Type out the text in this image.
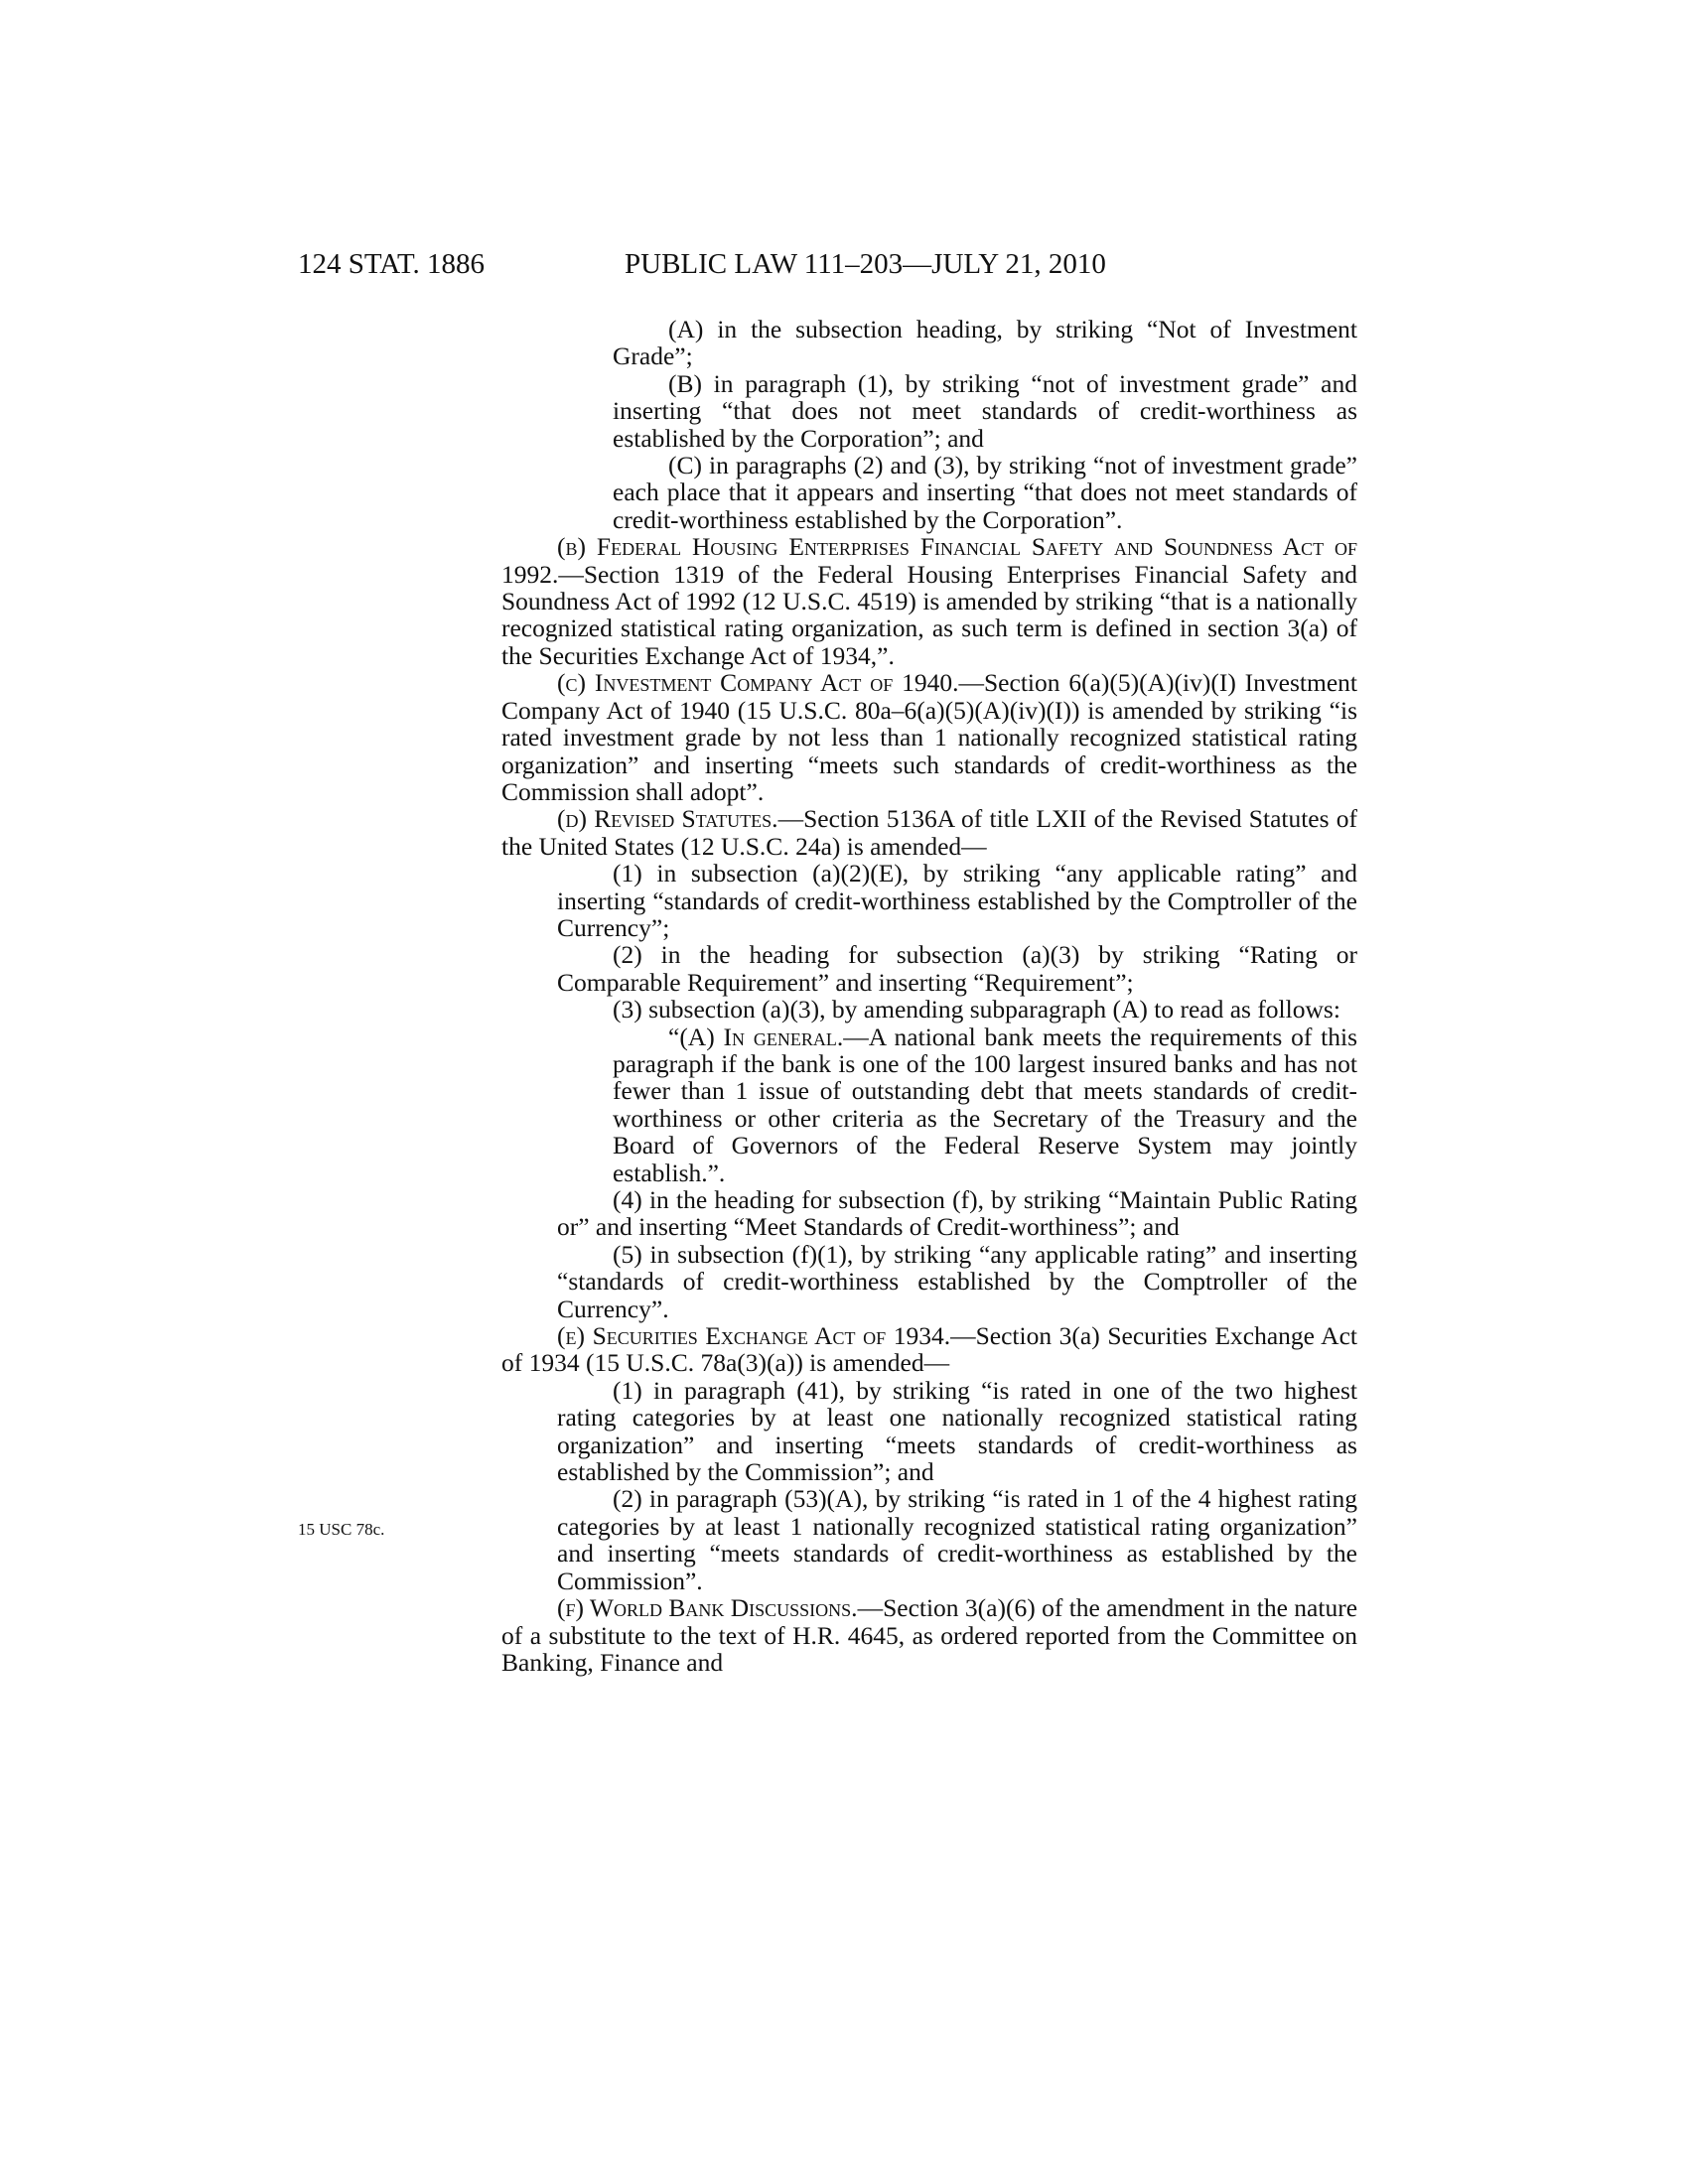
124 STAT. 1886	PUBLIC LAW 111–203—JULY 21, 2010
15 USC 78c.

(A) in the subsection heading, by striking “Not of Investment Grade”;

(B) in paragraph (1), by striking “not of investment grade” and inserting “that does not meet standards of credit-worthiness as established by the Corporation”; and

(C) in paragraphs (2) and (3), by striking “not of investment grade” each place that it appears and inserting “that does not meet standards of credit-worthiness established by the Corporation”.

(b) Federal Housing Enterprises Financial Safety and Soundness Act of 1992.—Section 1319 of the Federal Housing Enterprises Financial Safety and Soundness Act of 1992 (12 U.S.C. 4519) is amended by striking “that is a nationally recognized statistical rating organization, as such term is defined in section 3(a) of the Securities Exchange Act of 1934,”.

(c) Investment Company Act of 1940.—Section 6(a)(5)(A)(iv)(I) Investment Company Act of 1940 (15 U.S.C. 80a–6(a)(5)(A)(iv)(I)) is amended by striking “is rated investment grade by not less than 1 nationally recognized statistical rating organization” and inserting “meets such standards of credit-worthiness as the Commission shall adopt”.

(d) Revised Statutes.—Section 5136A of title LXII of the Revised Statutes of the United States (12 U.S.C. 24a) is amended—

(1) in subsection (a)(2)(E), by striking “any applicable rating” and inserting “standards of credit-worthiness established by the Comptroller of the Currency”;

(2) in the heading for subsection (a)(3) by striking “Rating or Comparable Requirement” and inserting “Requirement”;

(3) subsection (a)(3), by amending subparagraph (A) to read as follows:

“(A) In general.—A national bank meets the requirements of this paragraph if the bank is one of the 100 largest insured banks and has not fewer than 1 issue of outstanding debt that meets standards of credit-worthiness or other criteria as the Secretary of the Treasury and the Board of Governors of the Federal Reserve System may jointly establish.”.

(4) in the heading for subsection (f), by striking “Maintain Public Rating or” and inserting “Meet Standards of Credit-worthiness”; and

(5) in subsection (f)(1), by striking “any applicable rating” and inserting “standards of credit-worthiness established by the Comptroller of the Currency”.

(e) Securities Exchange Act of 1934.—Section 3(a) Securities Exchange Act of 1934 (15 U.S.C. 78a(3)(a)) is amended—

(1) in paragraph (41), by striking “is rated in one of the two highest rating categories by at least one nationally recognized statistical rating organization” and inserting “meets standards of credit-worthiness as established by the Commission”; and

(2) in paragraph (53)(A), by striking “is rated in 1 of the 4 highest rating categories by at least 1 nationally recognized statistical rating organization” and inserting “meets standards of credit-worthiness as established by the Commission”.

(f) World Bank Discussions.—Section 3(a)(6) of the amendment in the nature of a substitute to the text of H.R. 4645, as ordered reported from the Committee on Banking, Finance and
